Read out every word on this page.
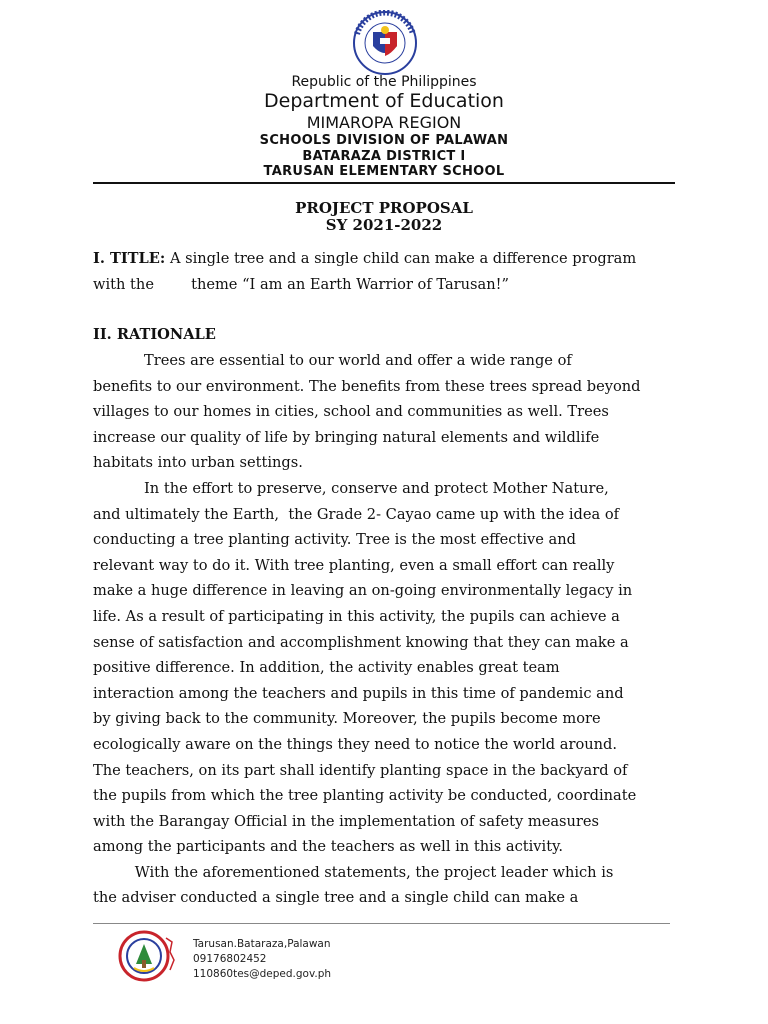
Republic of the Philippines
Department of Education
MIMAROPA REGION
SCHOOLS DIVISION OF PALAWAN
BATARAZA DISTRICT I
TARUSAN ELEMENTARY SCHOOL
PROJECT PROPOSAL
SY 2021-2022
I. TITLE: A single tree and a single child can make a difference program
with the        theme “I am an Earth Warrior of Tarusan!”
II. RATIONALE
Trees are essential to our world and offer a wide range of
benefits to our environment. The benefits from these trees spread beyond
villages to our homes in cities, school and communities as well. Trees
increase our quality of life by bringing natural elements and wildlife
habitats into urban settings.
In the effort to preserve, conserve and protect Mother Nature,
and ultimately the Earth,  the Grade 2- Cayao came up with the idea of
conducting a tree planting activity. Tree is the most effective and
relevant way to do it. With tree planting, even a small effort can really
make a huge difference in leaving an on-going environmentally legacy in
life. As a result of participating in this activity, the pupils can achieve a
sense of satisfaction and accomplishment knowing that they can make a
positive difference. In addition, the activity enables great team
interaction among the teachers and pupils in this time of pandemic and
by giving back to the community. Moreover, the pupils become more
ecologically aware on the things they need to notice the world around.
The teachers, on its part shall identify planting space in the backyard of
the pupils from which the tree planting activity be conducted, coordinate
with the Barangay Official in the implementation of safety measures
among the participants and the teachers as well in this activity.
With the aforementioned statements, the project leader which is
the adviser conducted a single tree and a single child can make a
Tarusan.Bataraza,Palawan
09176802452
110860tes@deped.gov.ph
